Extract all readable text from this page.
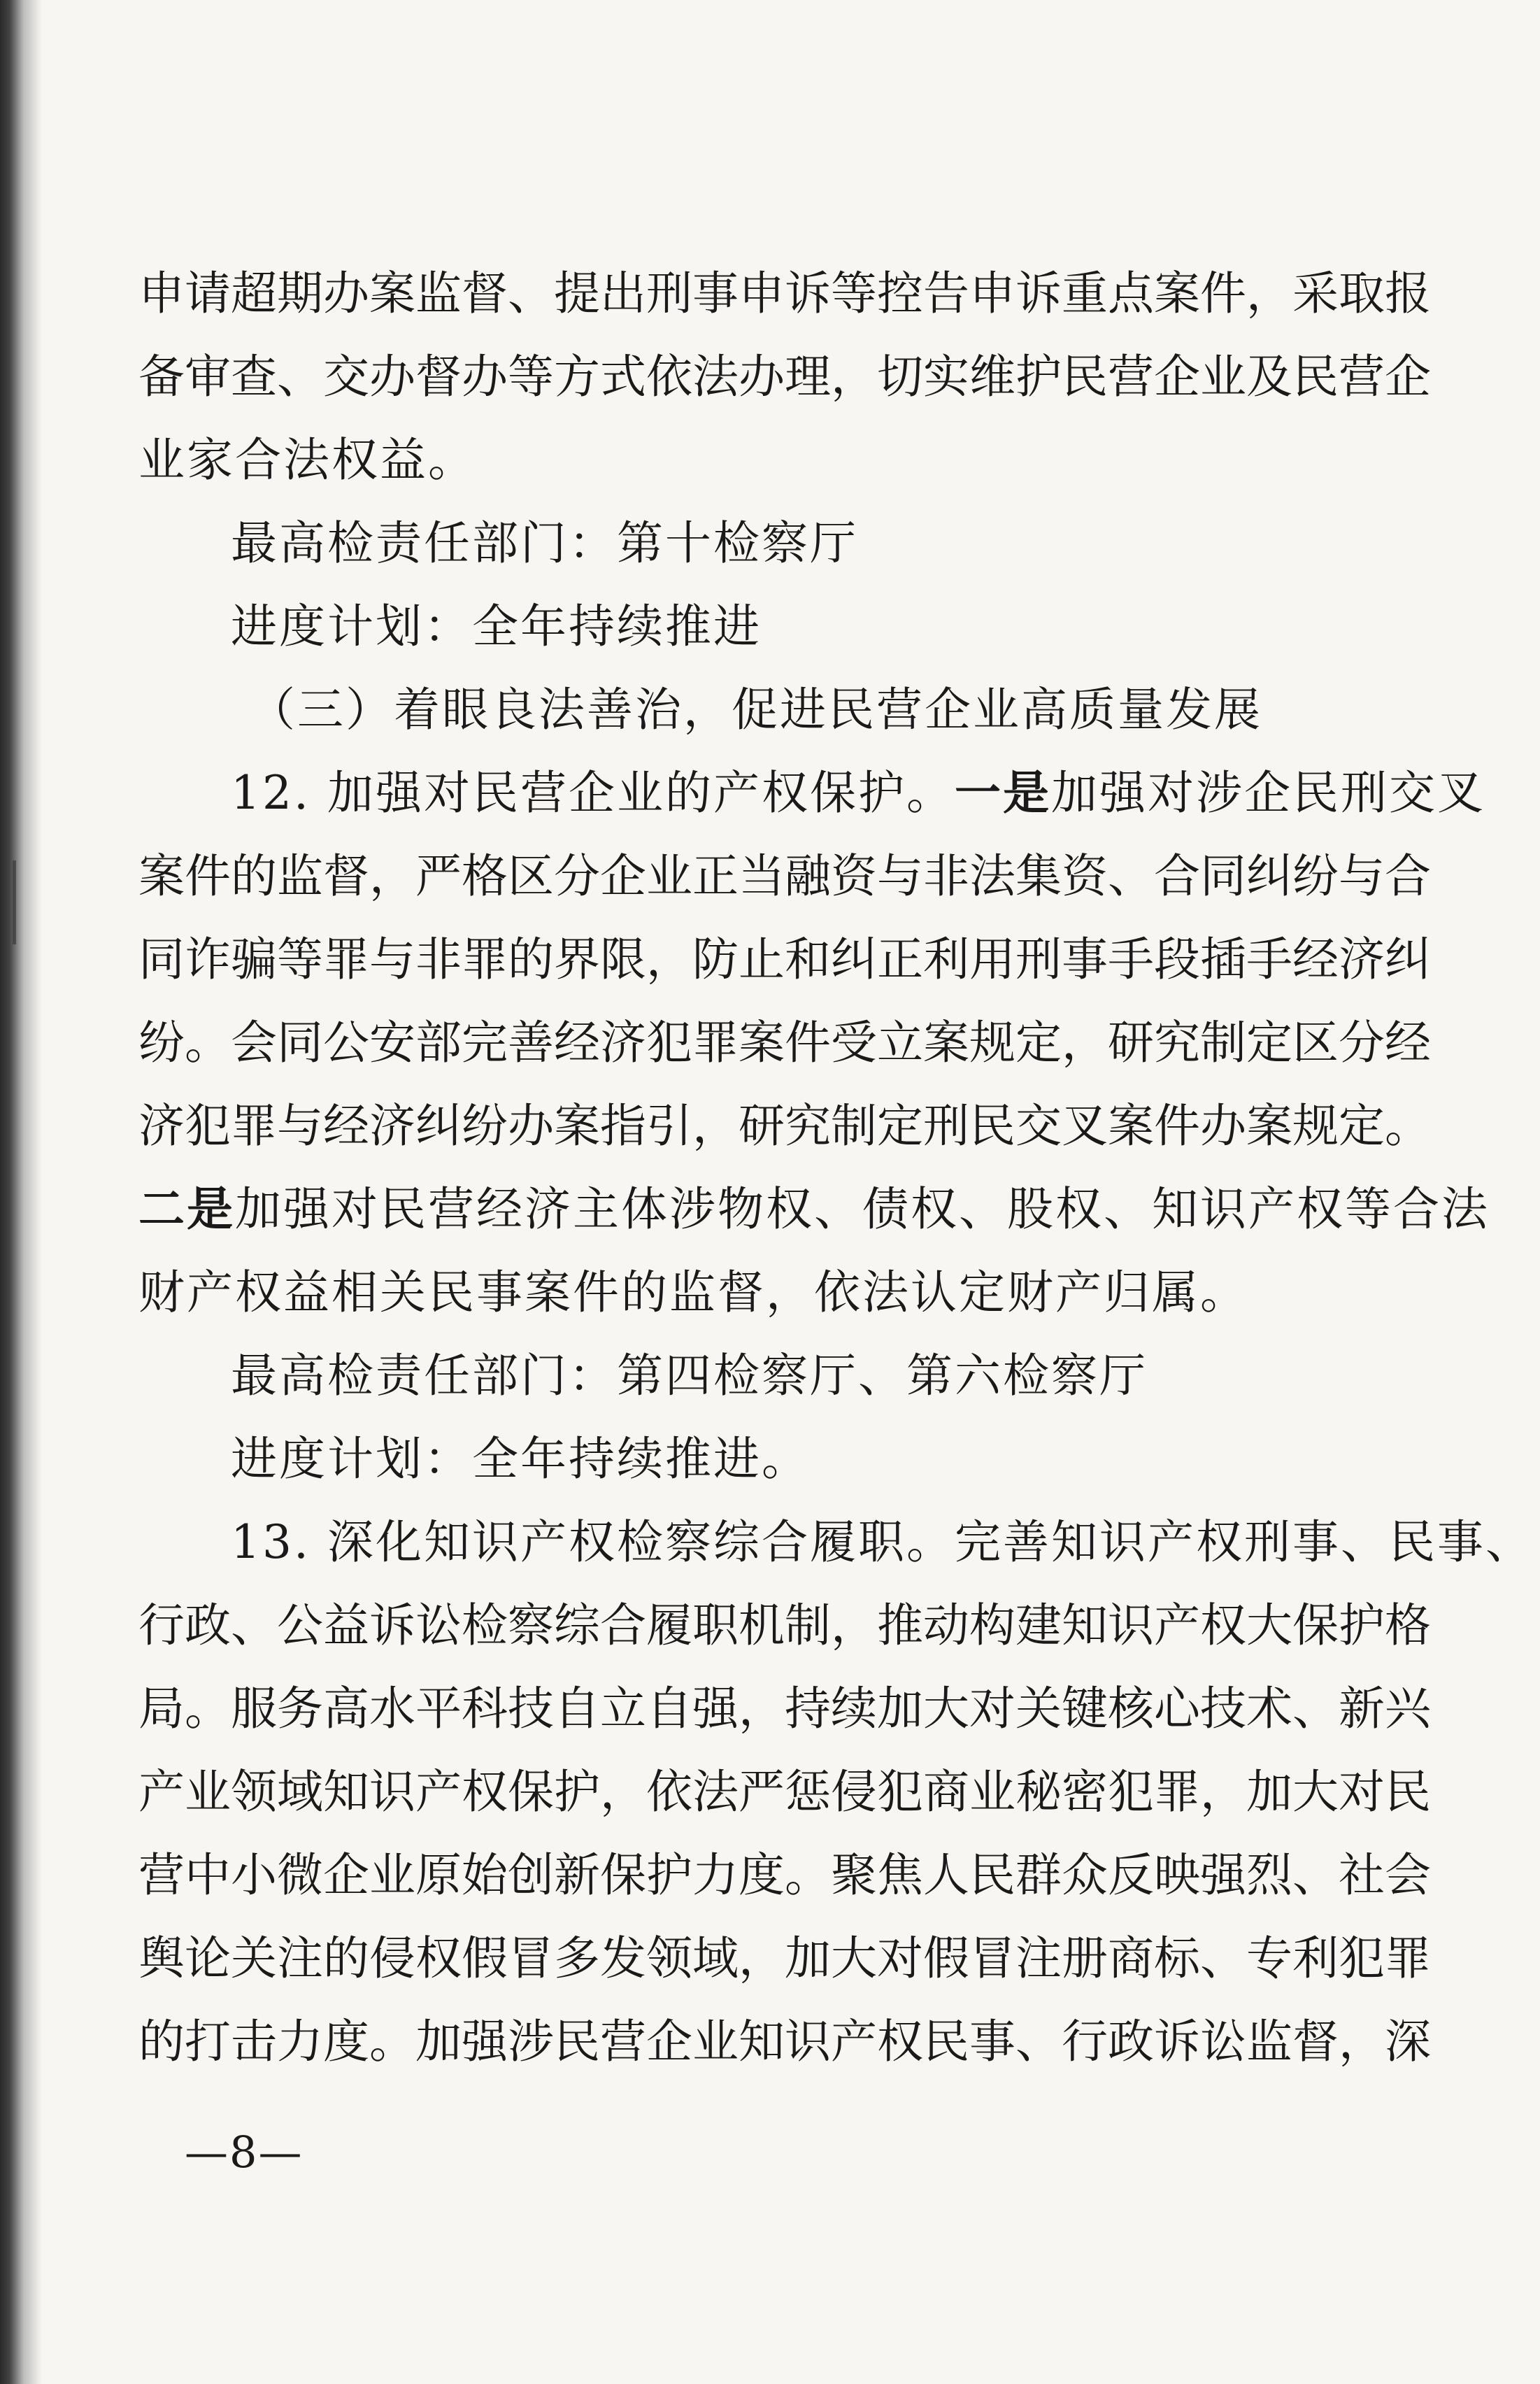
申请超期办案监督、提出刑事申诉等控告申诉重点案件，采取报
备审查、交办督办等方式依法办理，切实维护民营企业及民营企
业家合法权益。
最高检责任部门：第十检察厅
进度计划：全年持续推进
（三）着眼良法善治，促进民营企业高质量发展
12. 加强对民营企业的产权保护。一是加强对涉企民刑交叉
案件的监督，严格区分企业正当融资与非法集资、合同纠纷与合
同诈骗等罪与非罪的界限，防止和纠正利用刑事手段插手经济纠
纷。会同公安部完善经济犯罪案件受立案规定，研究制定区分经
济犯罪与经济纠纷办案指引，研究制定刑民交叉案件办案规定。
二是加强对民营经济主体涉物权、债权、股权、知识产权等合法
财产权益相关民事案件的监督，依法认定财产归属。
最高检责任部门：第四检察厅、第六检察厅
进度计划：全年持续推进。
13. 深化知识产权检察综合履职。完善知识产权刑事、民事、
行政、公益诉讼检察综合履职机制，推动构建知识产权大保护格
局。服务高水平科技自立自强，持续加大对关键核心技术、新兴
产业领域知识产权保护，依法严惩侵犯商业秘密犯罪，加大对民
营中小微企业原始创新保护力度。聚焦人民群众反映强烈、社会
舆论关注的侵权假冒多发领域，加大对假冒注册商标、专利犯罪
的打击力度。加强涉民营企业知识产权民事、行政诉讼监督，深
—8—
